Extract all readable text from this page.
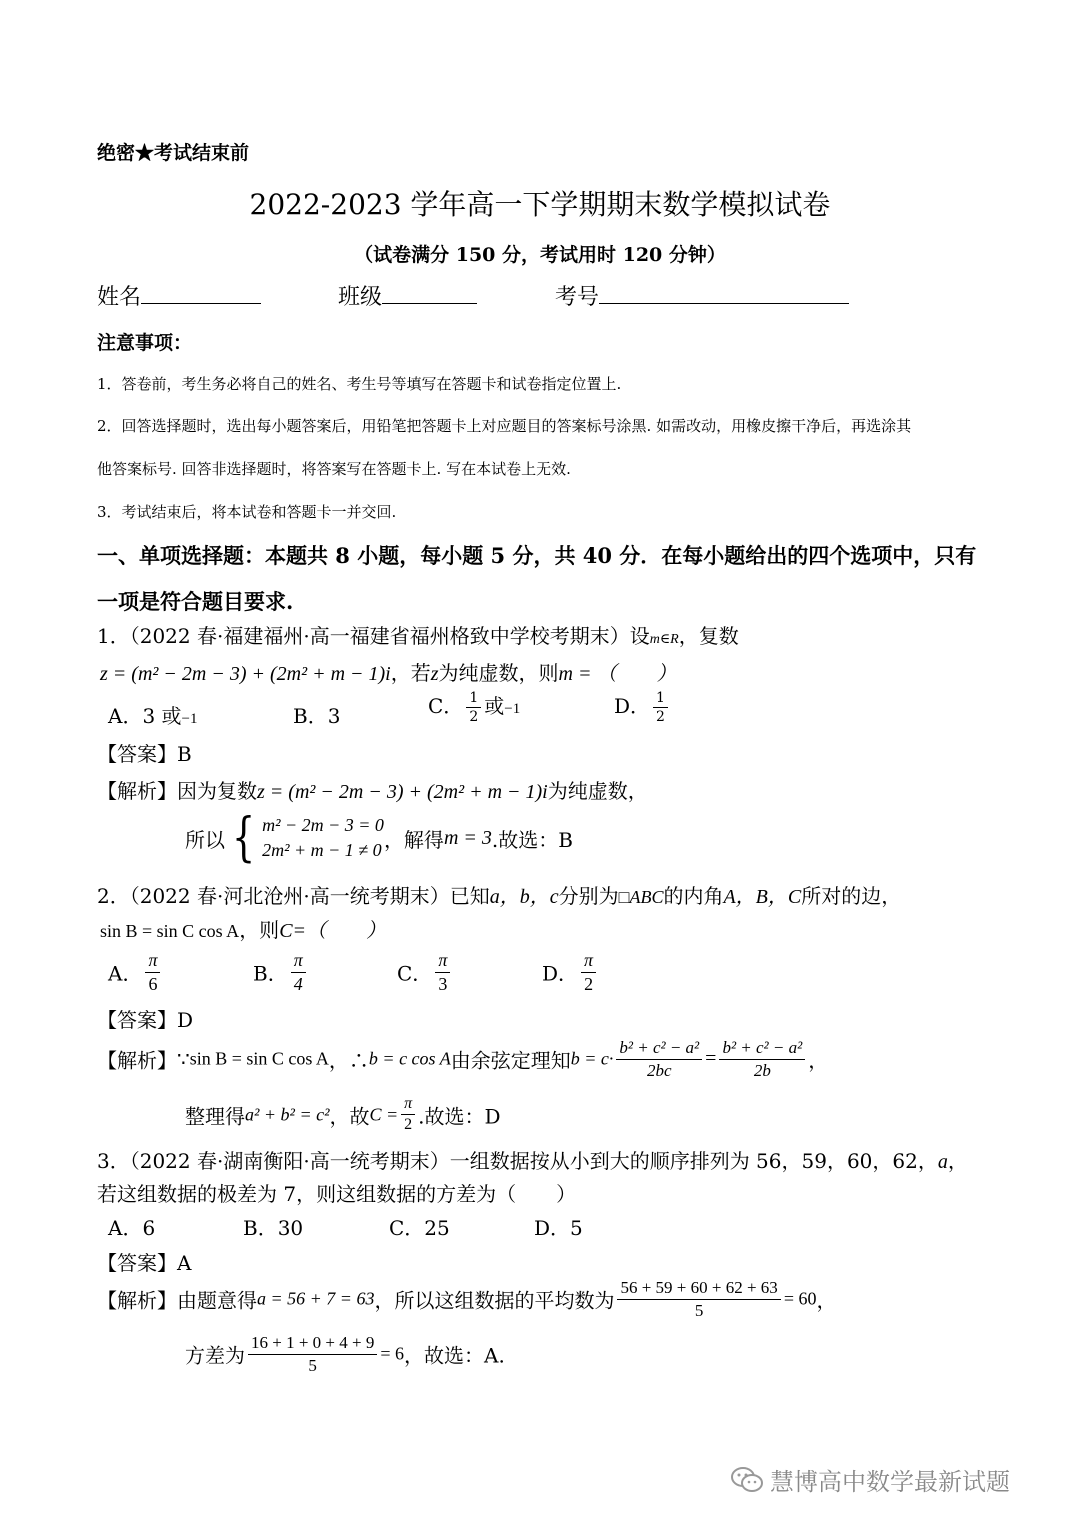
绝密★考试结束前
2022-2023 学年高一下学期期末数学模拟试卷
（试卷满分 150 分，考试用时 120 分钟）
姓名	班级	考号
注意事项：
1．答卷前，考生务必将自己的姓名、考生号等填写在答题卡和试卷指定位置上.
2．回答选择题时，选出每小题答案后，用铅笔把答题卡上对应题目的答案标号涂黑. 如需改动，用橡皮擦干净后，再选涂其
他答案标号. 回答非选择题时，将答案写在答题卡上. 写在本试卷上无效.
3．考试结束后，将本试卷和答题卡一并交回.
一、单项选择题：本题共 8 小题，每小题 5 分，共 40 分．在每小题给出的四个选项中，只有
一项是符合题目要求.
1．（2022 春·福建福州·高一福建省福州格致中学校考期末）设m∈R，复数
z = (m² − 2m − 3) + (2m² + m − 1)i，若z为纯虚数，则m = （　　）
A．3 或−1	B．3	C． $\frac{1}{2}$ 或−1	D． $\frac{1}{2}$
【答案】B
【解析】因为复数z = (m² − 2m − 3) + (2m² + m − 1)i为纯虚数，
所以 { m² − 2m − 3 = 0
2m² + m − 1 ≠ 0 ，解得 m = 3 .故选：B
2．（2022 春·河北沧州·高一统考期末）已知a，b，c分别为□ABC的内角A，B，C所对的边，
sin B = sin C cos A，则C=（　　）
A． $\frac{\pi}{6}$	B． $\frac{\pi}{4}$	C． $\frac{\pi}{3}$	D． $\frac{\pi}{2}$
【答案】D
【解析】∵sin B = sin C cos A，∴b = c cos A由余弦定理知$b = c\cdot \frac{\text{b² + c² − a²}}{2bc} = \frac{\text{b² + c² − a²}}{2b}$ ，
整理得a² + b² = c²，故$C = \frac{\pi}{2}$ .故选：D
3．（2022 春·湖南衡阳·高一统考期末）一组数据按从小到大的顺序排列为 56，59，60，62，a，
若这组数据的极差为 7，则这组数据的方差为（　　）
A．6	B．30	C．25	D．5
【答案】A
【解析】由题意得a = 56 + 7 = 63，所以这组数据的平均数为 $\frac{56 + 59 + 60 + 62 + 63}{5} = 60$，
方差为 $\frac{16 + 1 + 0 + 4 + 9}{5} = 6$，故选：A.
慧博高中数学最新试题
